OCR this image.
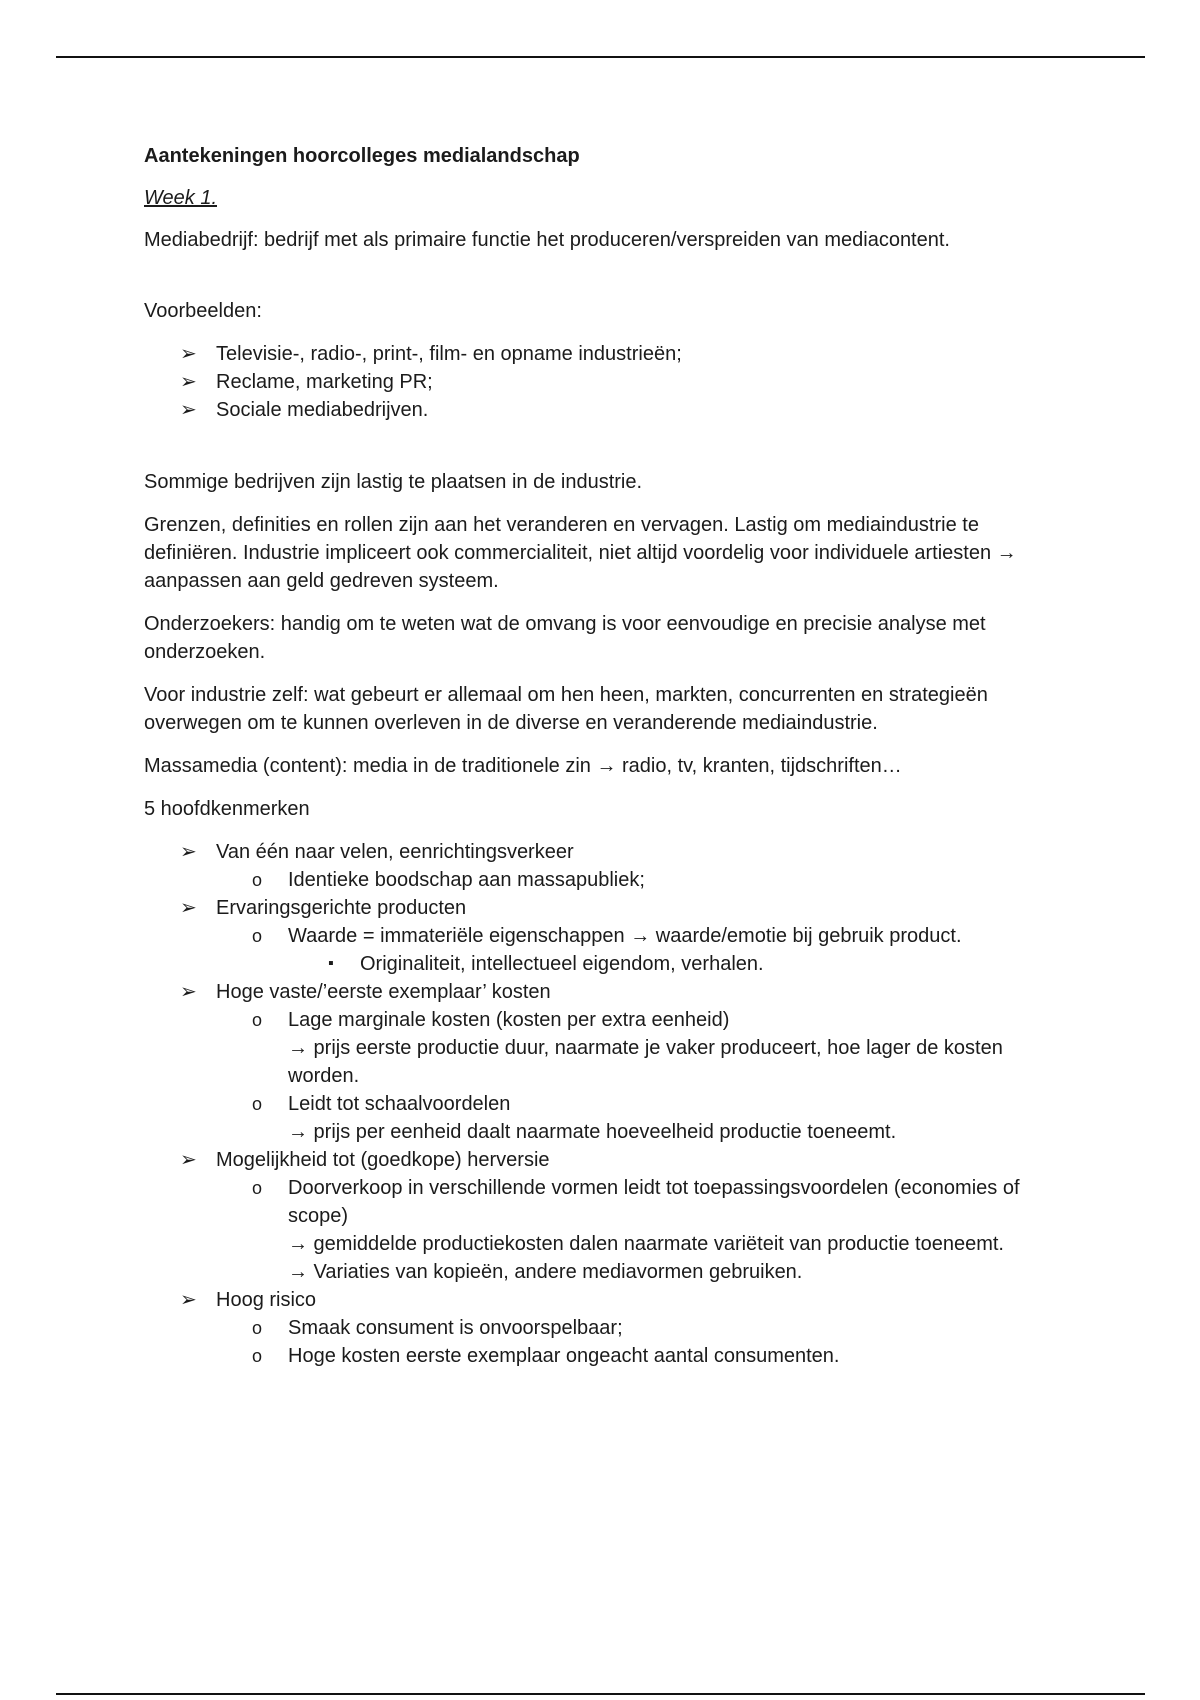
Aantekeningen hoorcolleges medialandschap
Week 1.

Mediabedrijf: bedrijf met als primaire functie het produceren/verspreiden van mediacontent.

Voorbeelden:

➢ Televisie-, radio-, print-, film- en opname industrieën;
➢ Reclame, marketing PR;
➢ Sociale mediabedrijven.

Sommige bedrijven zijn lastig te plaatsen in de industrie.

Grenzen, definities en rollen zijn aan het veranderen en vervagen. Lastig om mediaindustrie te definiëren. Industrie impliceert ook commercialiteit, niet altijd voordelig voor individuele artiesten → aanpassen aan geld gedreven systeem.

Onderzoekers: handig om te weten wat de omvang is voor eenvoudige en precisie analyse met onderzoeken.

Voor industrie zelf: wat gebeurt er allemaal om hen heen, markten, concurrenten en strategieën overwegen om te kunnen overleven in de diverse en veranderende mediaindustrie.

Massamedia (content): media in de traditionele zin → radio, tv, kranten, tijdschriften…

5 hoofdkenmerken

➢ Van één naar velen, eenrichtingsverkeer
o	Identieke boodschap aan massapubliek;
➢ Ervaringsgerichte producten
o	Waarde = immateriële eigenschappen → waarde/emotie bij gebruik product.
▪	Originaliteit, intellectueel eigendom, verhalen.
➢ Hoge vaste/’eerste exemplaar’ kosten
o	Lage marginale kosten (kosten per extra eenheid)
→ prijs eerste productie duur, naarmate je vaker produceert, hoe lager de kosten worden.
o	Leidt tot schaalvoordelen
→ prijs per eenheid daalt naarmate hoeveelheid productie toeneemt.
➢ Mogelijkheid tot (goedkope) herversie
o	Doorverkoop in verschillende vormen leidt tot toepassingsvoordelen (economies of scope)
→ gemiddelde productiekosten dalen naarmate variëteit van productie toeneemt.
→ Variaties van kopieën, andere mediavormen gebruiken.
➢ Hoog risico
o	Smaak consument is onvoorspelbaar;
o	Hoge kosten eerste exemplaar ongeacht aantal consumenten.
